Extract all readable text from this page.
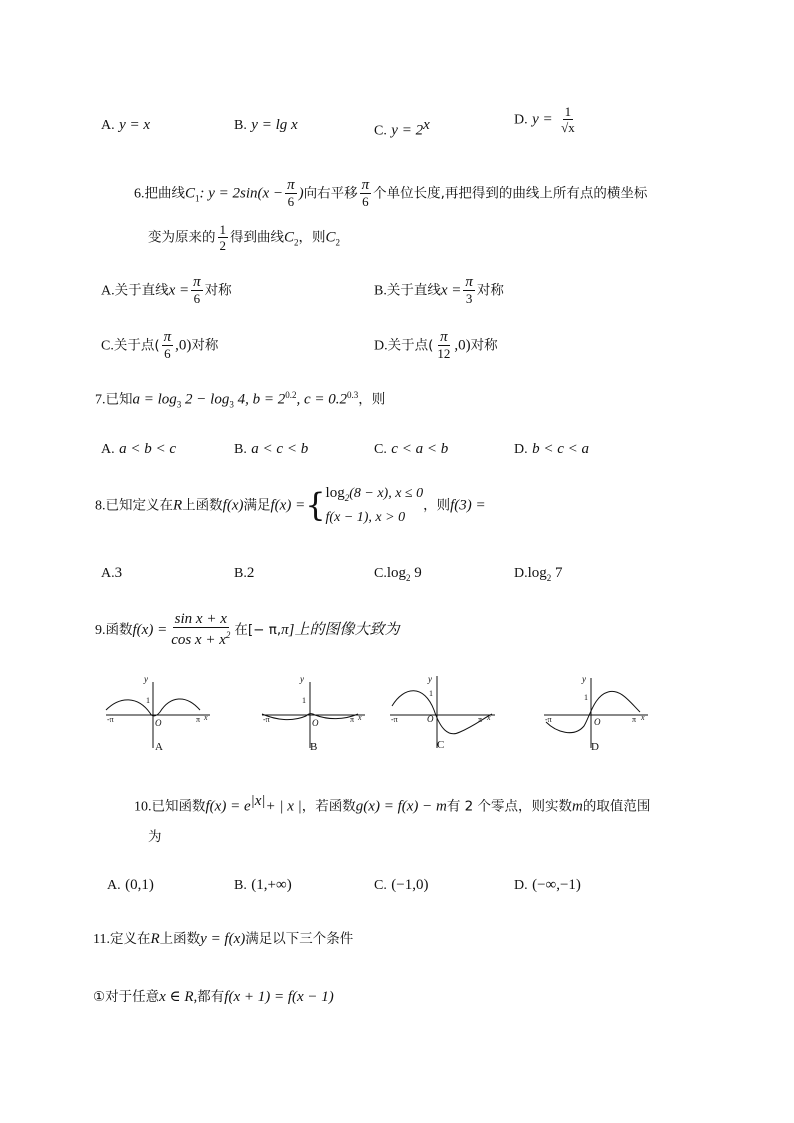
A. y = x	B. y = lg x	C. $y = 2^x$	D. $y = \frac{1}{√x}$
6.把曲线$C_1$: $y = 2\sin(x - \frac{\pi}{6}$ )向右平移 $\frac{\pi}{6}$ 个单位长度,再把得到的曲线上所有点的横坐标
变为原来的 $\frac{1}{2}$ 得到曲线$C_2$，则$C_2$
A.关于直线$x = \frac{\pi}{6}$ 对称	B.关于直线$x = \frac{\pi}{3}$ 对称
C.关于点( $\frac{\pi}{6} ,0$)对称	D.关于点( $\frac{\pi}{12} ,0$)对称
7.已知$a = \log_3 2 - \log_3 4$, $b = 2^{0.2}$, $c = 0.2^{0.3}$，则
A. a < b < c	B. a < c < b	C. c < a < b	D. b < c < a
8.已知定义在R上函数f(x)满足f(x) ={ $\log_2(8 - x)$, x ≤ 0
f(x − 1), x > 0
，则f(3) =
A.3	B.2	$C.\log_2$ 9	$D.\log_2$ 7
9.函数$f(x) = \frac{\text{sin x + x}}{\cos x + x^2}$ 在[− π,π]上的图像大致为
y
1
O
-π	π x
A
y
1
O
-π	π x
B
y
1
O
-π	π x
C
y
1
O
-π	π x
D
10.已知函数$f(x) = e^{|x|}+$ | x |，若函数g(x) = f(x) − m有 2 个零点，则实数m的取值范围
为
A. (0,1)	B. (1,+∞)	C. (−1,0)	D. (−∞,−1)
11.定义在R上函数y = f(x)满足以下三个条件
①对于任意x ∈ R,都有f(x + 1) = f(x − 1)
